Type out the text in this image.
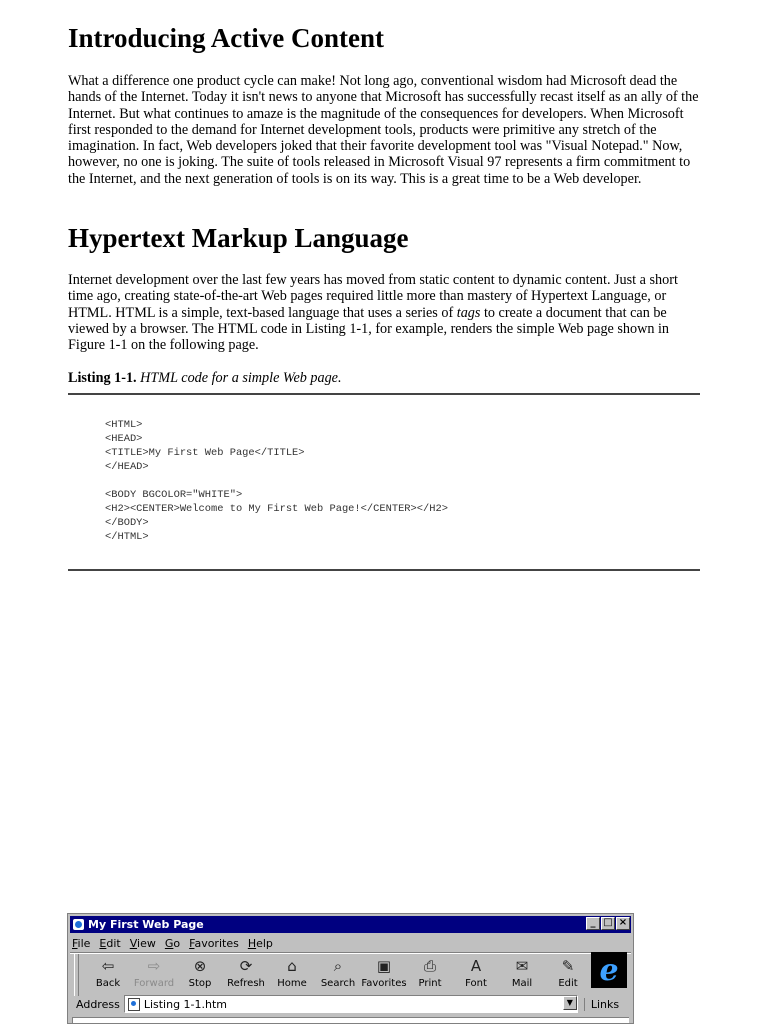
Introducing Active Content

What a difference one product cycle can make! Not long ago, conventional wisdom had Microsoft dead the hands of the Internet. Today it isn't news to anyone that Microsoft has successfully recast itself as an ally of the Internet. But what continues to amaze is the magnitude of the consequences for developers. When Microsoft first responded to the demand for Internet development tools, products were primitive any stretch of the imagination. In fact, Web developers joked that their favorite development tool was "Visual Notepad." Now, however, no one is joking. The suite of tools released in Microsoft Visual 97 represents a firm commitment to the Internet, and the next generation of tools is on its way. This is a great time to be a Web developer.

Hypertext Markup Language

Internet development over the last few years has moved from static content to dynamic content. Just a short time ago, creating state-of-the-art Web pages required little more than mastery of Hypertext Language, or HTML. HTML is a simple, text-based language that uses a series of tags to create a document that can be viewed by a browser. The HTML code in Listing 1-1, for example, renders the simple Web page shown in Figure 1-1 on the following page.

Listing 1-1. HTML code for a simple Web page.
<HTML>
<HEAD>
<TITLE>My First Web Page</TITLE>
</HEAD>

<BODY BGCOLOR="WHITE">
<H2><CENTER>Welcome to My First Web Page!</CENTER></H2>
</BODY>
</HTML>
My First Web Page	_ □ ×
File Edit View Go Favorites Help
⇦
Back
⇨
Forward
⊗
Stop
⟳
Refresh
⌂
Home
⌕
Search
▣
Favorites
⎙
Print
A
Font
✉
Mail
✎
Edit e
Address Listing 1-1.htm	▼	Links
